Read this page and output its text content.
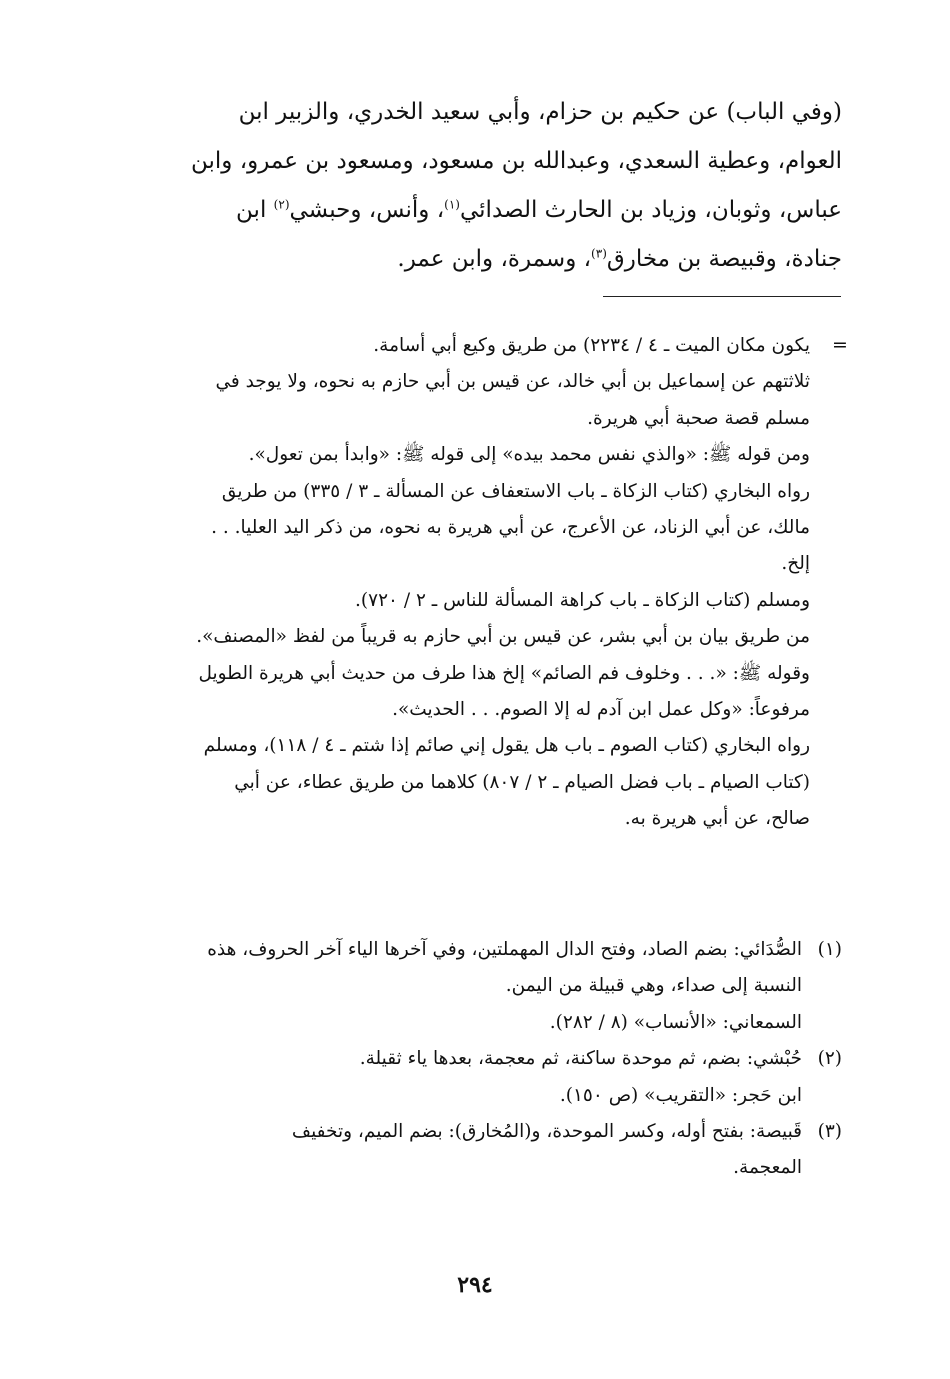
(وفي الباب) عن حكيم بن حزام، وأبي سعيد الخدري، والزبير ابن
العوام، وعطية السعدي، وعبدالله بن مسعود، ومسعود بن عمرو، وابن
عباس، وثوبان، وزياد بن الحارث الصدائي$^{(١)}$، وأنس، وحبشي$^{(٢)}$ ابن
جنادة، وقبيصة بن مخارق$^{(٣)}$، وسمرة، وابن عمر.
=
يكون مكان الميت ـ ٤ / ٢٢٣٤) من طريق وكيع أبي أسامة.
ثلاثتهم عن إسماعيل بن أبي خالد، عن قيس بن أبي حازم به نحوه، ولا يوجد في
مسلم قصة صحبة أبي هريرة.
ومن قوله ﷺ: «والذي نفس محمد بيده» إلى قوله ﷺ: «وابدأ بمن تعول».
رواه البخاري (كتاب الزكاة ـ باب الاستعفاف عن المسألة ـ ٣ / ٣٣٥) من طريق
مالك، عن أبي الزناد، عن الأعرج، عن أبي هريرة به نحوه، من ذكر اليد العليا. . .
إلخ.
ومسلم (كتاب الزكاة ـ باب كراهة المسألة للناس ـ ٢ / ٧٢٠).
من طريق بيان بن أبي بشر، عن قيس بن أبي حازم به قريباً من لفظ «المصنف».
وقوله ﷺ: «. . . وخلوف فم الصائم» إلخ هذا طرف من حديث أبي هريرة الطويل
مرفوعاً: «وكل عمل ابن آدم له إلا الصوم. . . الحديث».
رواه البخاري (كتاب الصوم ـ باب هل يقول إني صائم إذا شتم ـ ٤ / ١١٨)، ومسلم
(كتاب الصيام ـ باب فضل الصيام ـ ٢ / ٨٠٧) كلاهما من طريق عطاء، عن أبي
صالح، عن أبي هريرة به.
(١)
الصُّدَائي: بضم الصاد، وفتح الدال المهملتين، وفي آخرها الياء آخر الحروف، هذه
النسبة إلى صداء، وهي قبيلة من اليمن.
السمعاني: «الأنساب» (٨ / ٢٨٢).
(٢)
حُبْشي: بضم، ثم موحدة ساكنة، ثم معجمة، بعدها ياء ثقيلة.
ابن حَجر: «التقريب» (ص ١٥٠).
(٣)
قَبيصة: بفتح أوله، وكسر الموحدة، و(المُخارق): بضم الميم، وتخفيف
المعجمة.
٢٩٤
